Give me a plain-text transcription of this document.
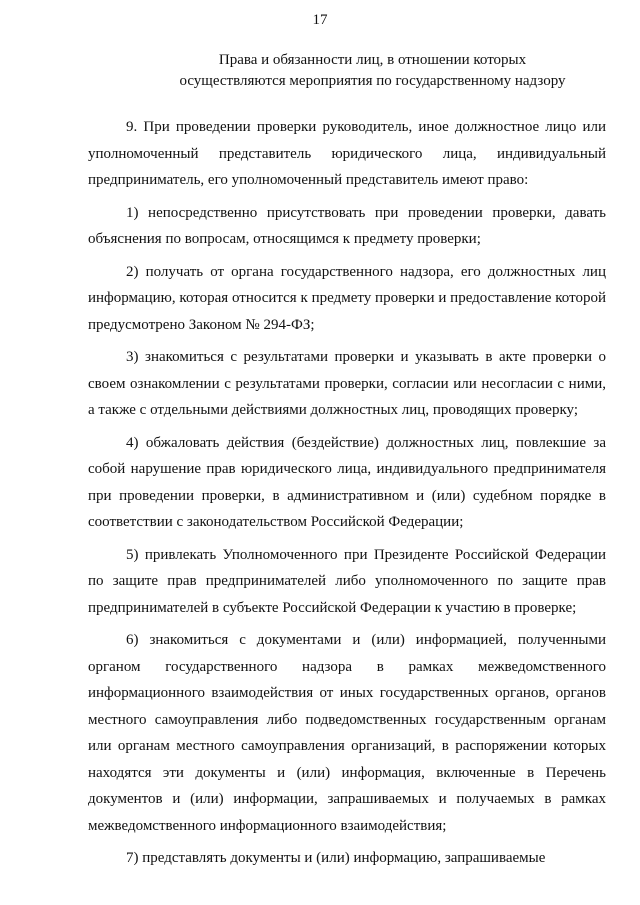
17
Права и обязанности лиц, в отношении которых
осуществляются мероприятия по государственному надзору

9. При проведении проверки руководитель, иное должностное лицо или уполномоченный представитель юридического лица, индивидуальный предприниматель, его уполномоченный представитель имеют право:

1) непосредственно присутствовать при проведении проверки, давать объяснения по вопросам, относящимся к предмету проверки;

2) получать от органа государственного надзора, его должностных лиц информацию, которая относится к предмету проверки и предоставление которой предусмотрено Законом № 294-ФЗ;

3) знакомиться с результатами проверки и указывать в акте проверки о своем ознакомлении с результатами проверки, согласии или несогласии с ними, а также с отдельными действиями должностных лиц, проводящих проверку;

4) обжаловать действия (бездействие) должностных лиц, повлекшие за собой нарушение прав юридического лица, индивидуального предпринимателя при проведении проверки, в административном и (или) судебном порядке в соответствии с законодательством Российской Федерации;

5) привлекать Уполномоченного при Президенте Российской Федерации по защите прав предпринимателей либо уполномоченного по защите прав предпринимателей в субъекте Российской Федерации к участию в проверке;

6) знакомиться с документами и (или) информацией, полученными органом государственного надзора в рамках межведомственного информационного взаимодействия от иных государственных органов, органов местного самоуправления либо подведомственных государственным органам или органам местного самоуправления организаций, в распоряжении которых находятся эти документы и (или) информация, включенные в Перечень документов и (или) информации, запрашиваемых и получаемых в рамках межведомственного информационного взаимодействия;

7) представлять документы и (или) информацию, запрашиваемые
